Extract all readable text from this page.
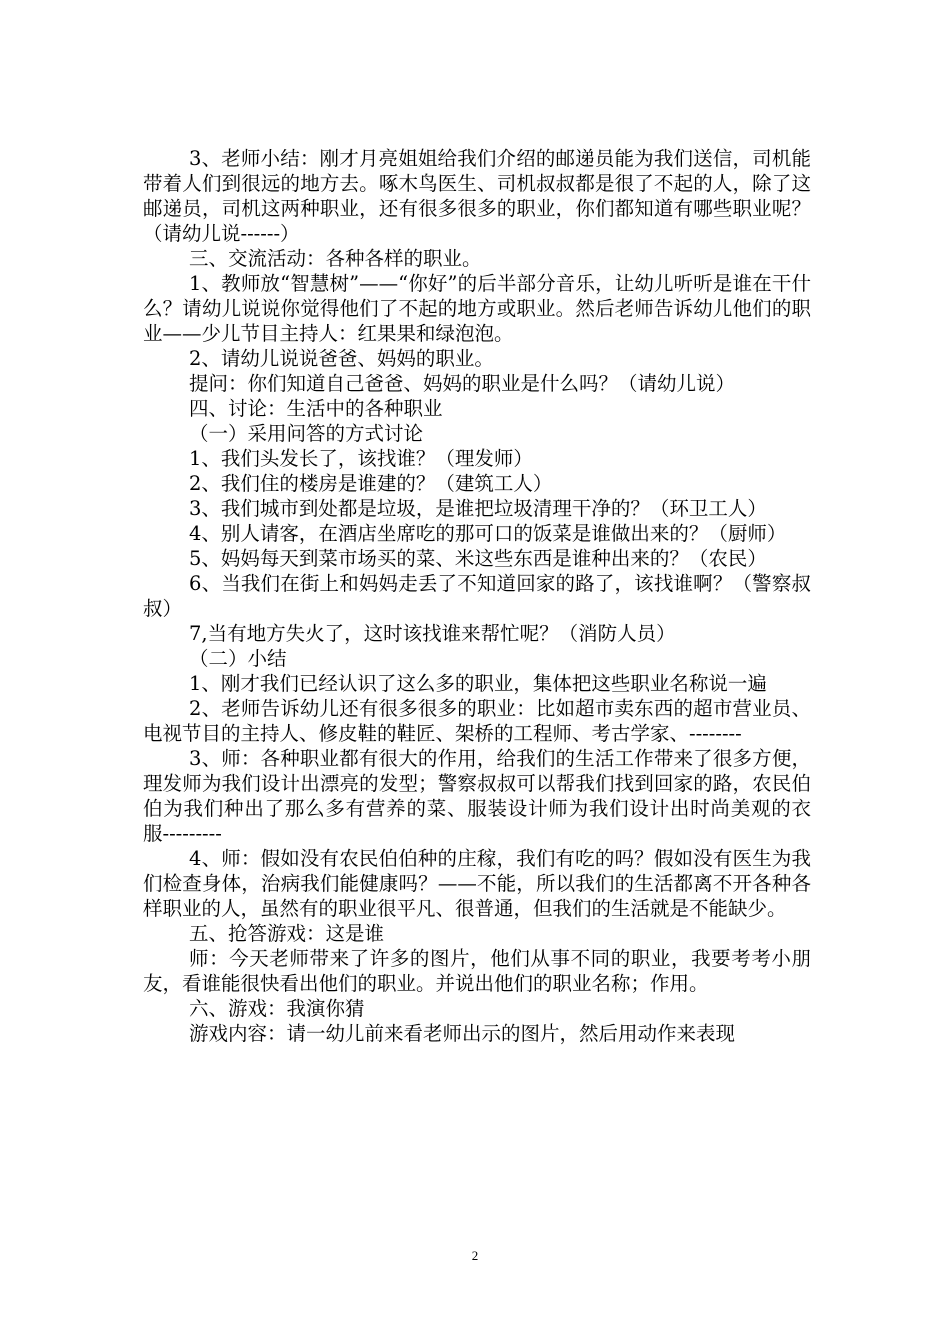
3、老师小结：刚才月亮姐姐给我们介绍的邮递员能为我们送信，司机能带着人们到很远的地方去。啄木鸟医生、司机叔叔都是很了不起的人，除了这邮递员，司机这两种职业，还有很多很多的职业，你们都知道有哪些职业呢？（请幼儿说------）

三、交流活动：各种各样的职业。

1、教师放“智慧树”——“你好”的后半部分音乐，让幼儿听听是谁在干什么？请幼儿说说你觉得他们了不起的地方或职业。然后老师告诉幼儿他们的职业——少儿节目主持人：红果果和绿泡泡。

2、请幼儿说说爸爸、妈妈的职业。

提问：你们知道自己爸爸、妈妈的职业是什么吗？（请幼儿说）

四、讨论：生活中的各种职业

（一）采用问答的方式讨论

1、我们头发长了，该找谁？（理发师）

2、我们住的楼房是谁建的？（建筑工人）

3、我们城市到处都是垃圾，是谁把垃圾清理干净的？（环卫工人）

4、别人请客，在酒店坐席吃的那可口的饭菜是谁做出来的？（厨师）

5、妈妈每天到菜市场买的菜、米这些东西是谁种出来的？（农民）

6、当我们在街上和妈妈走丢了不知道回家的路了，该找谁啊？（警察叔叔）

7,当有地方失火了，这时该找谁来帮忙呢？（消防人员）

（二）小结

1、刚才我们已经认识了这么多的职业，集体把这些职业名称说一遍

2、老师告诉幼儿还有很多很多的职业：比如超市卖东西的超市营业员、电视节目的主持人、修皮鞋的鞋匠、架桥的工程师、考古学家、--------

3、师：各种职业都有很大的作用，给我们的生活工作带来了很多方便，理发师为我们设计出漂亮的发型；警察叔叔可以帮我们找到回家的路，农民伯伯为我们种出了那么多有营养的菜、服装设计师为我们设计出时尚美观的衣服---------

4、师：假如没有农民伯伯种的庄稼，我们有吃的吗？假如没有医生为我们检查身体，治病我们能健康吗？——不能，所以我们的生活都离不开各种各样职业的人，虽然有的职业很平凡、很普通，但我们的生活就是不能缺少。

五、抢答游戏：这是谁

师：今天老师带来了许多的图片，他们从事不同的职业，我要考考小朋友，看谁能很快看出他们的职业。并说出他们的职业名称；作用。

六、游戏：我演你猜

游戏内容：请一幼儿前来看老师出示的图片，然后用动作来表现

2
